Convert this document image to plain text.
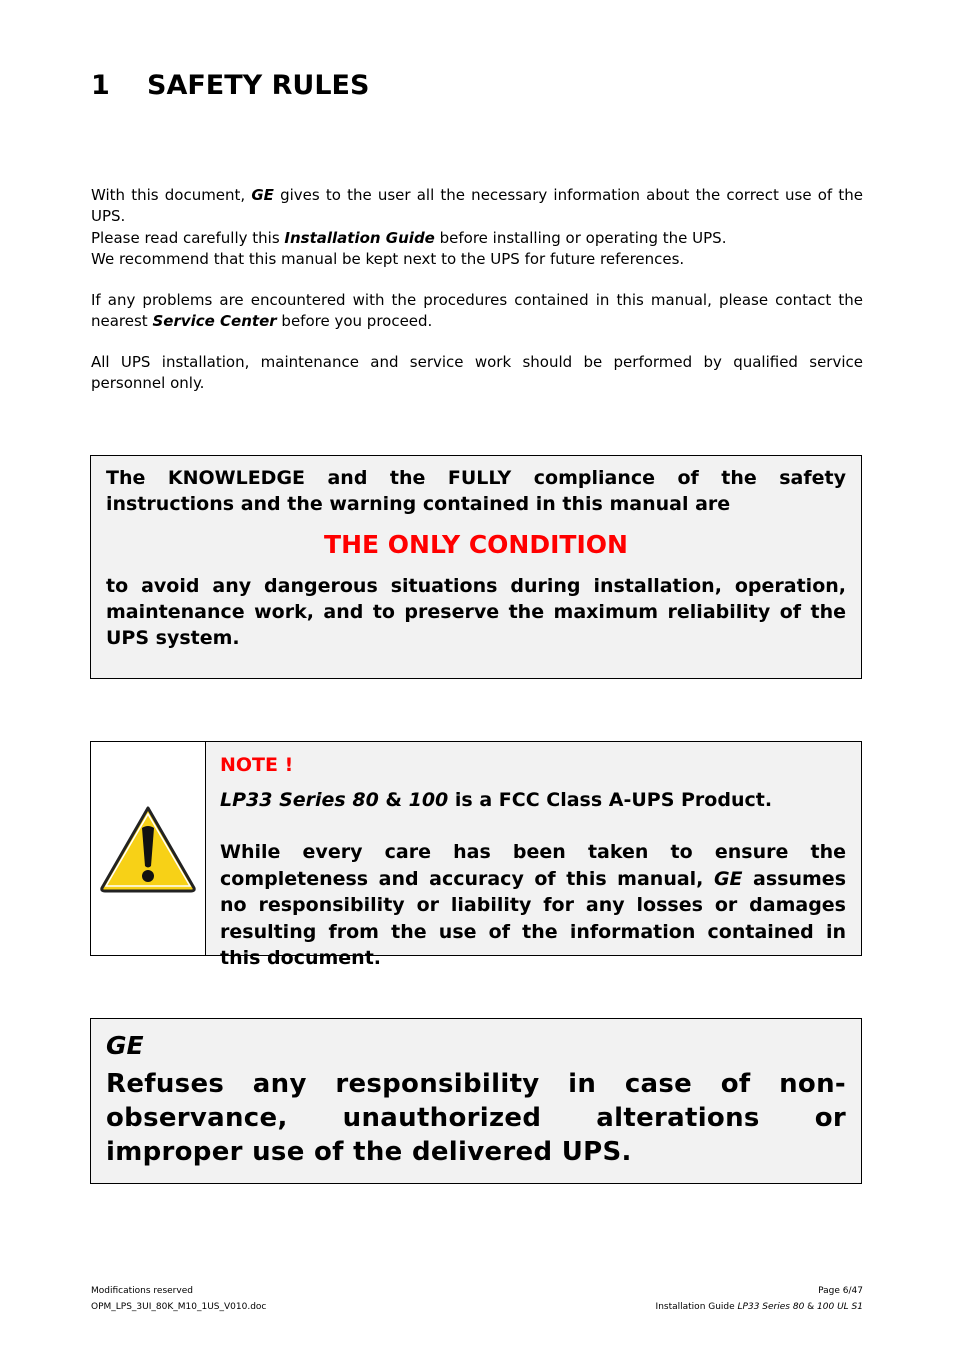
1 SAFETY RULES
With this document, GE gives to the user all the necessary information about the correct use of the UPS.
Please read carefully this Installation Guide before installing or operating the UPS.
We recommend that this manual be kept next to the UPS for future references.
If any problems are encountered with the procedures contained in this manual, please contact the nearest Service Center before you proceed.
All UPS installation, maintenance and service work should be performed by qualified service personnel only.
The KNOWLEDGE and the FULLY compliance of the safety instructions and the warning contained in this manual are
THE ONLY CONDITION
to avoid any dangerous situations during installation, operation, maintenance work, and to preserve the maximum reliability of the UPS system.
NOTE !
LP33 Series 80 & 100 is a FCC Class A-UPS Product.
While every care has been taken to ensure the completeness and accuracy of this manual, GE assumes no responsibility or liability for any losses or damages resulting from the use of the information contained in this document.
GE
Refuses any responsibility in case of non-observance, unauthorized alterations or improper use of the delivered UPS.
Modifications reserved
OPM_LPS_3UI_80K_M10_1US_V010.doc
Page 6/47
Installation Guide LP33 Series 80 & 100 UL S1
